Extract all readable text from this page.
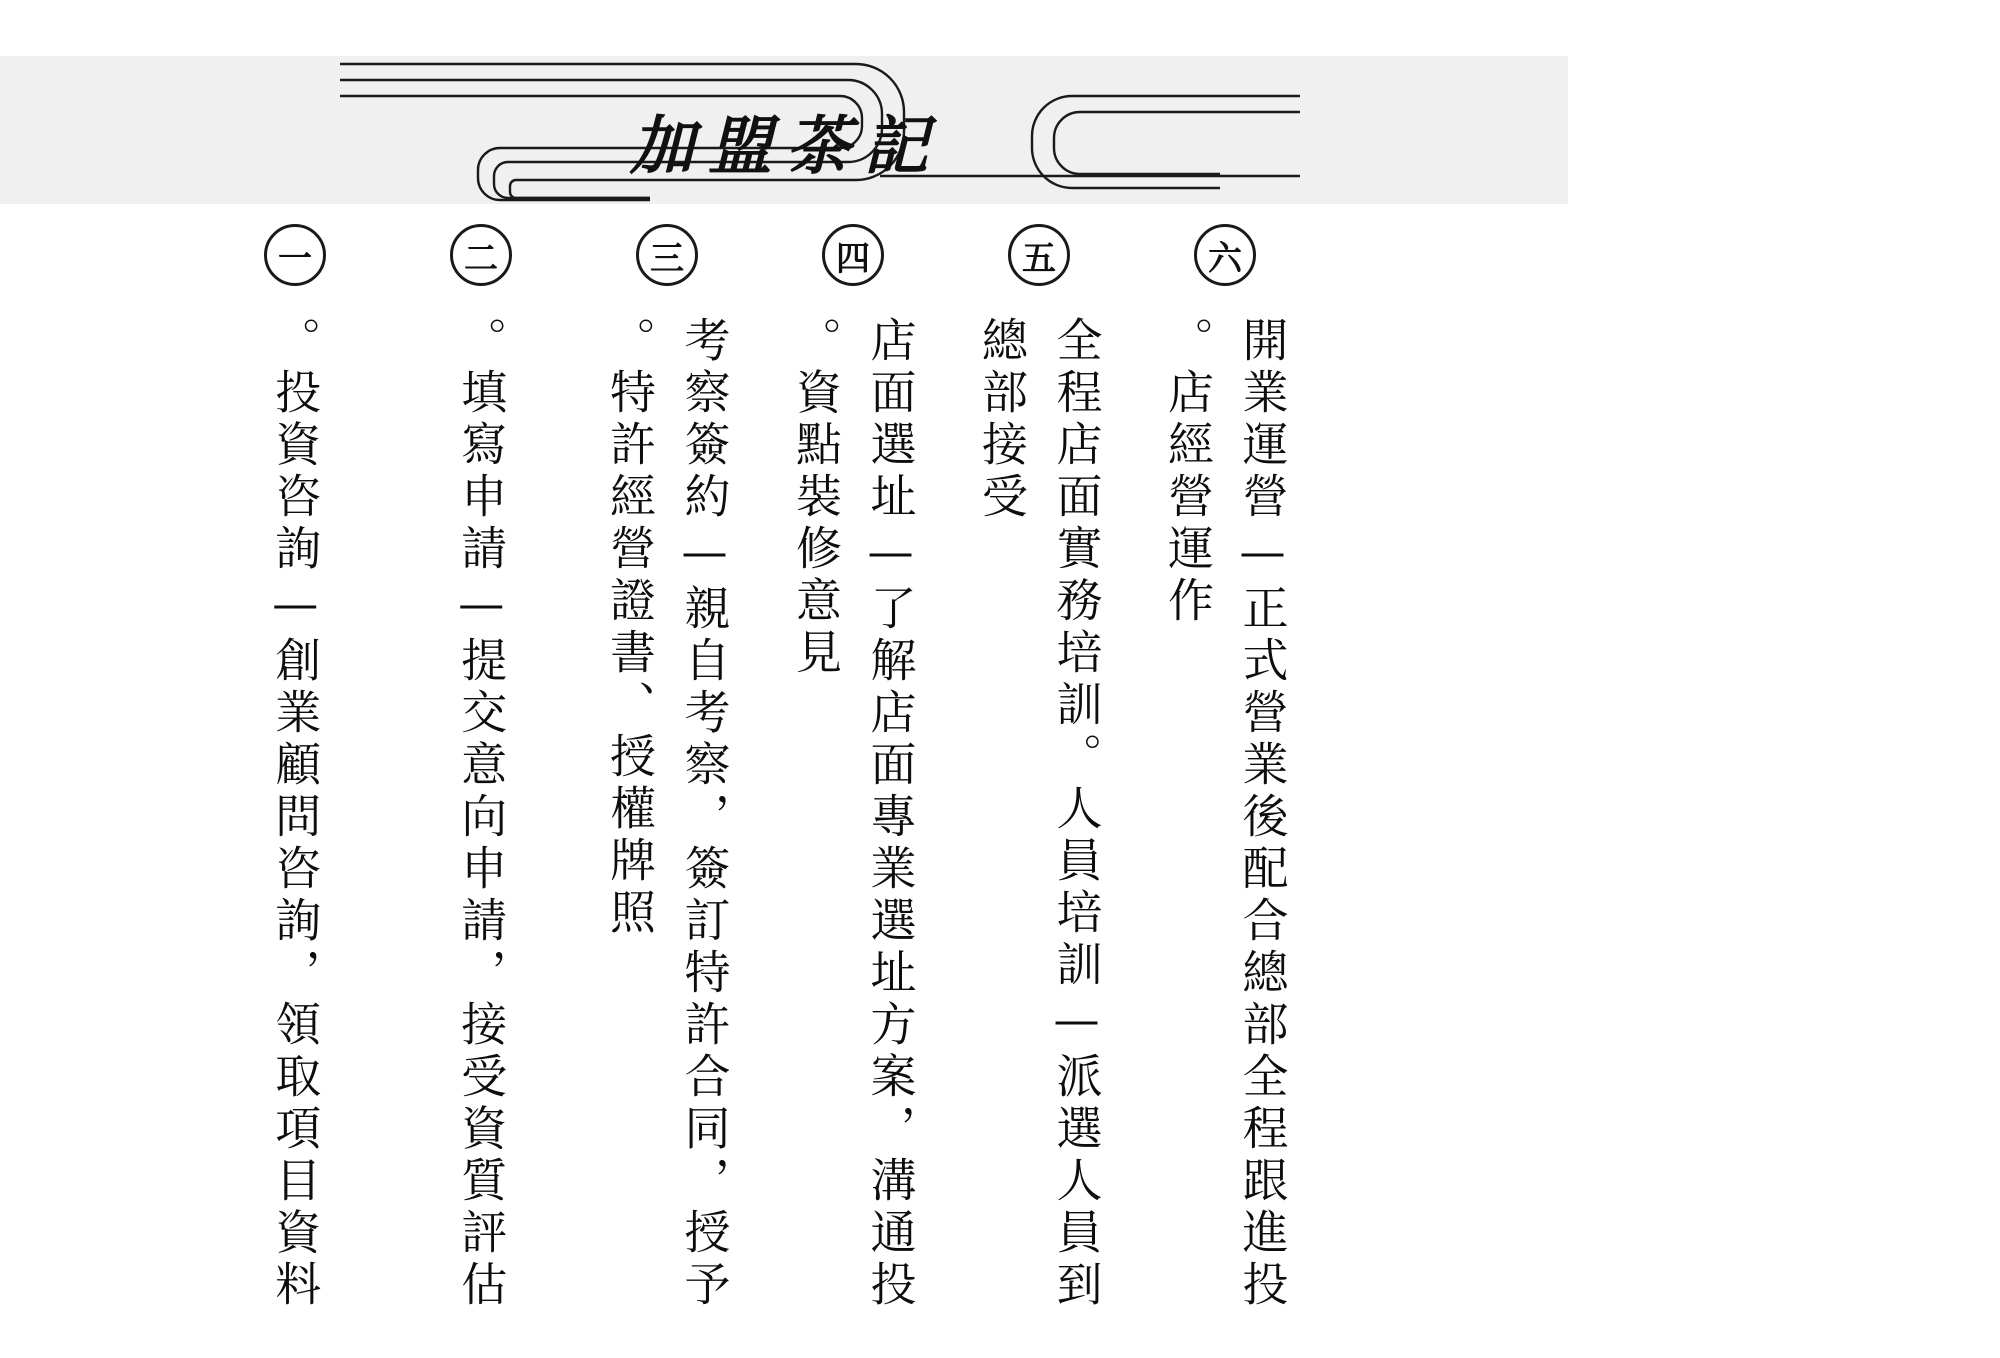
加盟茶記
六
開業運營—正式營業後配合總部全程跟進投店經營運作。
五
全程店面實務培訓。人員培訓—派選人員到總部接受
四
店面選址—了解店面專業選址方案，溝通投資點裝修意見。
三
考察簽約—親自考察，簽訂特許合同，授予特許經營證書、授權牌照。
二
填寫申請—提交意向申請，接受資質評估。
一
投資咨詢—創業顧問咨詢，領取項目資料。
